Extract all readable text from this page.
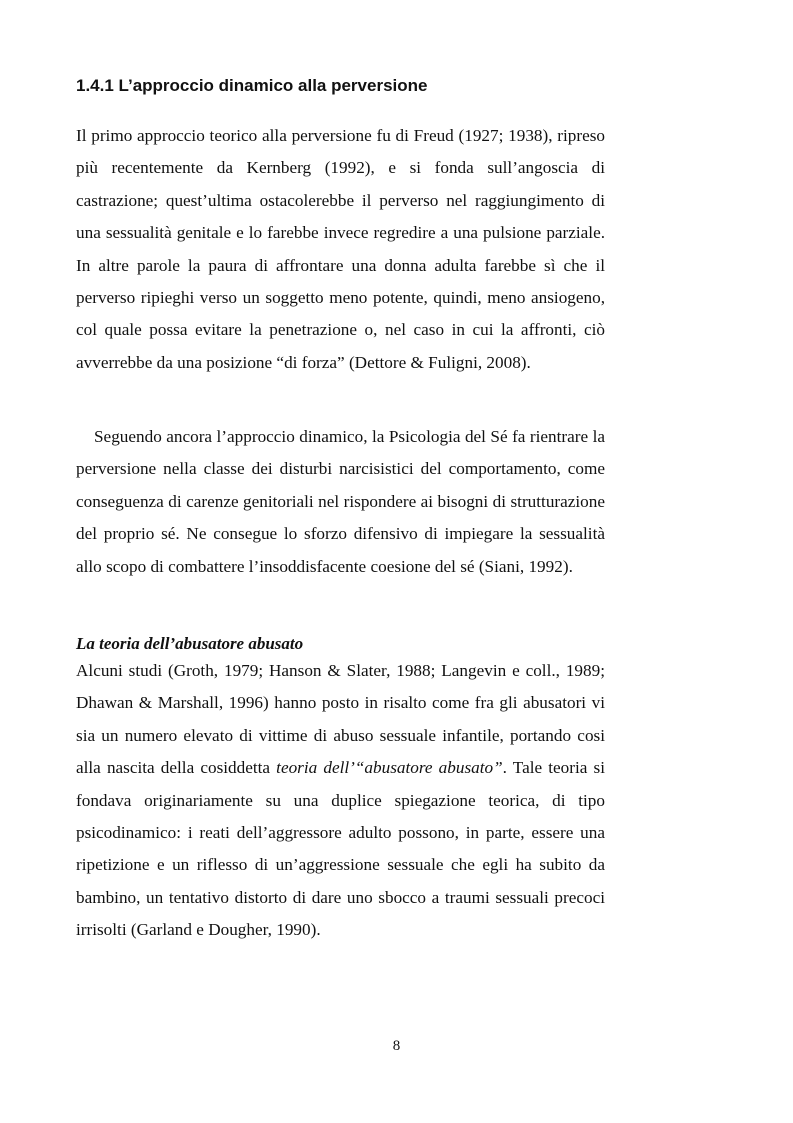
1.4.1 L’approccio dinamico alla perversione

Il primo approccio teorico alla perversione fu di Freud (1927; 1938), ripreso più recentemente da Kernberg (1992), e si fonda sull’angoscia di castrazione; quest’ultima ostacolerebbe il perverso nel raggiungimento di una sessualità genitale e lo farebbe invece regredire a una pulsione parziale. In altre parole la paura di affrontare una donna adulta farebbe sì che il perverso ripieghi verso un soggetto meno potente, quindi, meno ansiogeno, col quale possa evitare la penetrazione o, nel caso in cui la affronti, ciò avverrebbe da una posizione “di forza” (Dettore & Fuligni, 2008).

Seguendo ancora l’approccio dinamico, la Psicologia del Sé fa rientrare la perversione nella classe dei disturbi narcisistici del comportamento, come conseguenza di carenze genitoriali nel rispondere ai bisogni di strutturazione del proprio sé. Ne consegue lo sforzo difensivo di impiegare la sessualità allo scopo di combattere l’insoddisfacente coesione del sé (Siani, 1992).

La teoria dell’abusatore abusato

Alcuni studi (Groth, 1979; Hanson & Slater, 1988; Langevin e coll., 1989; Dhawan & Marshall, 1996) hanno posto in risalto come fra gli abusatori vi sia un numero elevato di vittime di abuso sessuale infantile, portando cosi alla nascita della cosiddetta teoria dell’“abusatore abusato”. Tale teoria si fondava originariamente su una duplice spiegazione teorica, di tipo psicodinamico: i reati dell’aggressore adulto possono, in parte, essere una ripetizione e un riflesso di un’aggressione sessuale che egli ha subito da bambino, un tentativo distorto di dare uno sbocco a traumi sessuali precoci irrisolti (Garland e Dougher, 1990).

8
